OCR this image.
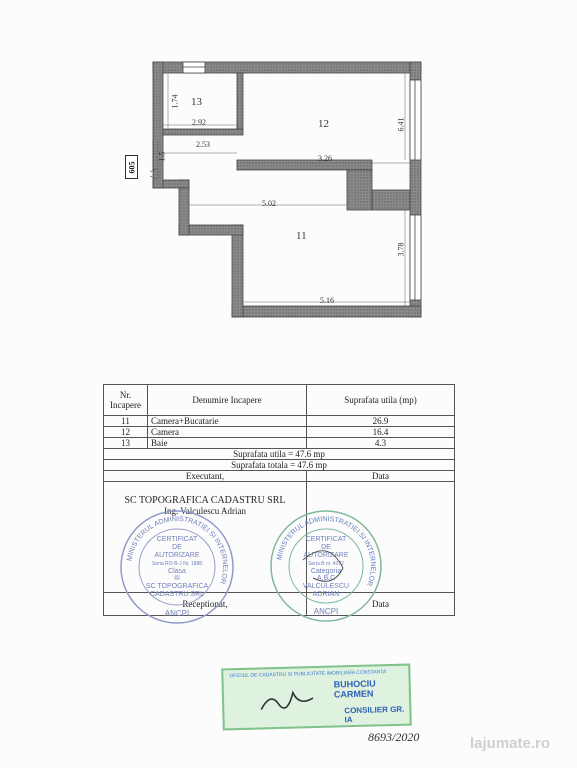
13
12
11
1.74
2.92
2.53
3.26
6.41
5.02
3.78
5.16
1.5
605
Nr. Incapere	Denumire Incapere	Suprafata utila (mp)
11	Camera+Bucatarie	26.9
12	Camera	16.4
13	Baie	4.3
Suprafata utila = 47.6 mp		
Suprafata totala = 47.6 mp		
Executant,		Data

SC TOPOGRAFICA CADASTRU SRL
Ing. Valculescu Adrian		

Receptionat,		Data
MINISTERUL ADMINISTRATIEI SI INTERNELOR
CERTIFICAT
DE
AUTORIZARE
Seria RO-B-J Nr. 1888
Clasa
III
SC TOPOGRAFICA
CADASTRU SRL
ANCPI
MINISTERUL ADMINISTRATIEI SI INTERNELOR
CERTIFICAT
DE
AUTORIZARE
Seria B nr. 4072
Categoria
A,B,C
VALCULESCU
ADRIAN
ANCPI
OFICIUL DE CADASTRU SI PUBLICITATE IMOBILIARA CONSTANTA
BUHOCIU CARMEN
CONSILIER GR. IA
8693/2020	lajumate.ro
